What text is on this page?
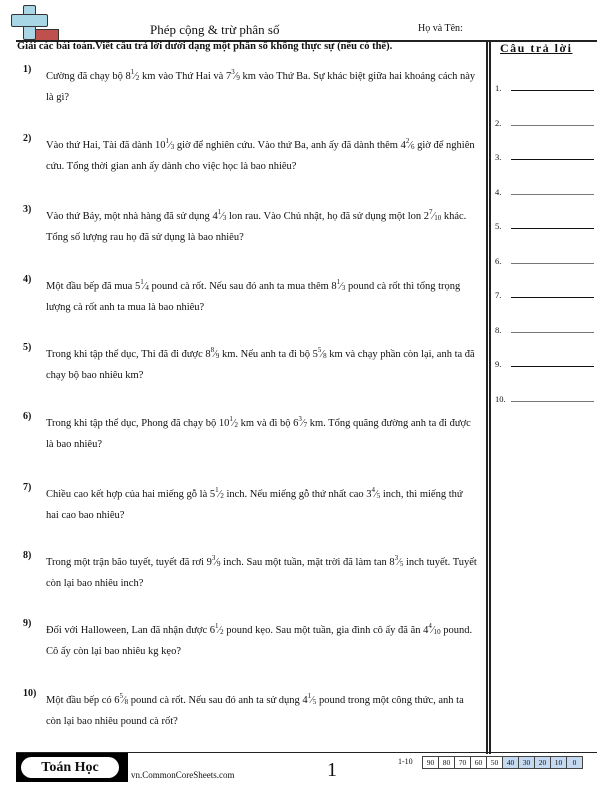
Phép cộng & trừ phân số	Họ và Tên:
Giải các bài toán.Viết câu trả lời dưới dạng một phân số không thực sự (nếu có thể).	Câu trả lời
1.
2.
3.
4.
5.
6.
7.
8.
9.
10.
1)
Cường đã chạy bộ $8^1⁄_2$ km vào Thứ Hai và $7^3⁄_9$ km vào Thứ Ba. Sự khác biệt giữa hai khoảng cách này là gì?
2)
Vào thứ Hai, Tài đã dành $10^1⁄_3$ giờ để nghiên cứu. Vào thứ Ba, anh ấy đã dành thêm $4^2⁄_6$ giờ để nghiên cứu. Tổng thời gian anh ấy dành cho việc học là bao nhiêu?
3)
Vào thứ Bảy, một nhà hàng đã sử dụng $4^1⁄_3$ lon rau. Vào Chủ nhật, họ đã sử dụng một lon $2^7⁄_{10}$ khác. Tổng số lượng rau họ đã sử dụng là bao nhiêu?
4)
Một đầu bếp đã mua $5^1⁄_4$ pound cà rốt. Nếu sau đó anh ta mua thêm $8^1⁄_3$ pound cà rốt thì tổng trọng lượng cà rốt anh ta mua là bao nhiêu?
5)
Trong khi tập thể dục, Thi đã đi được $8^8⁄_9$ km. Nếu anh ta đi bộ $5^5⁄_8$ km và chạy phần còn lại, anh ta đã chạy bộ bao nhiêu km?
6)
Trong khi tập thể dục, Phong đã chạy bộ $10^1⁄_2$ km và đi bộ $6^3⁄_7$ km. Tổng quãng đường anh ta đi được là bao nhiêu?
7)
Chiều cao kết hợp của hai miếng gỗ là $5^1⁄_2$ inch. Nếu miếng gỗ thứ nhất cao $3^4⁄_5$ inch, thì miếng thứ hai cao bao nhiêu?
8)
Trong một trận bão tuyết, tuyết đã rơi $9^3⁄_9$ inch. Sau một tuần, mặt trời đã làm $\tan 8^3⁄_5$ inch tuyết. Tuyết còn lại bao nhiêu inch?
9)
Đối với Halloween, Lan đã nhận được $6^1⁄_2$ pound kẹo. Sau một tuần, gia đình cô ấy đã ăn $4^4⁄_{10}$ pound. Cô ấy còn lại bao nhiêu kg kẹo?
10)
Một đầu bếp có $6^5⁄_8$ pound cà rốt. Nếu sau đó anh ta sử dụng $4^1⁄_5$ pound trong một công thức, anh ta còn lại bao nhiêu pound cà rốt?
Toán Học	vn.CommonCoreSheets.com	1	1-10	90	80	70	60	50	40	30	20	10	0
